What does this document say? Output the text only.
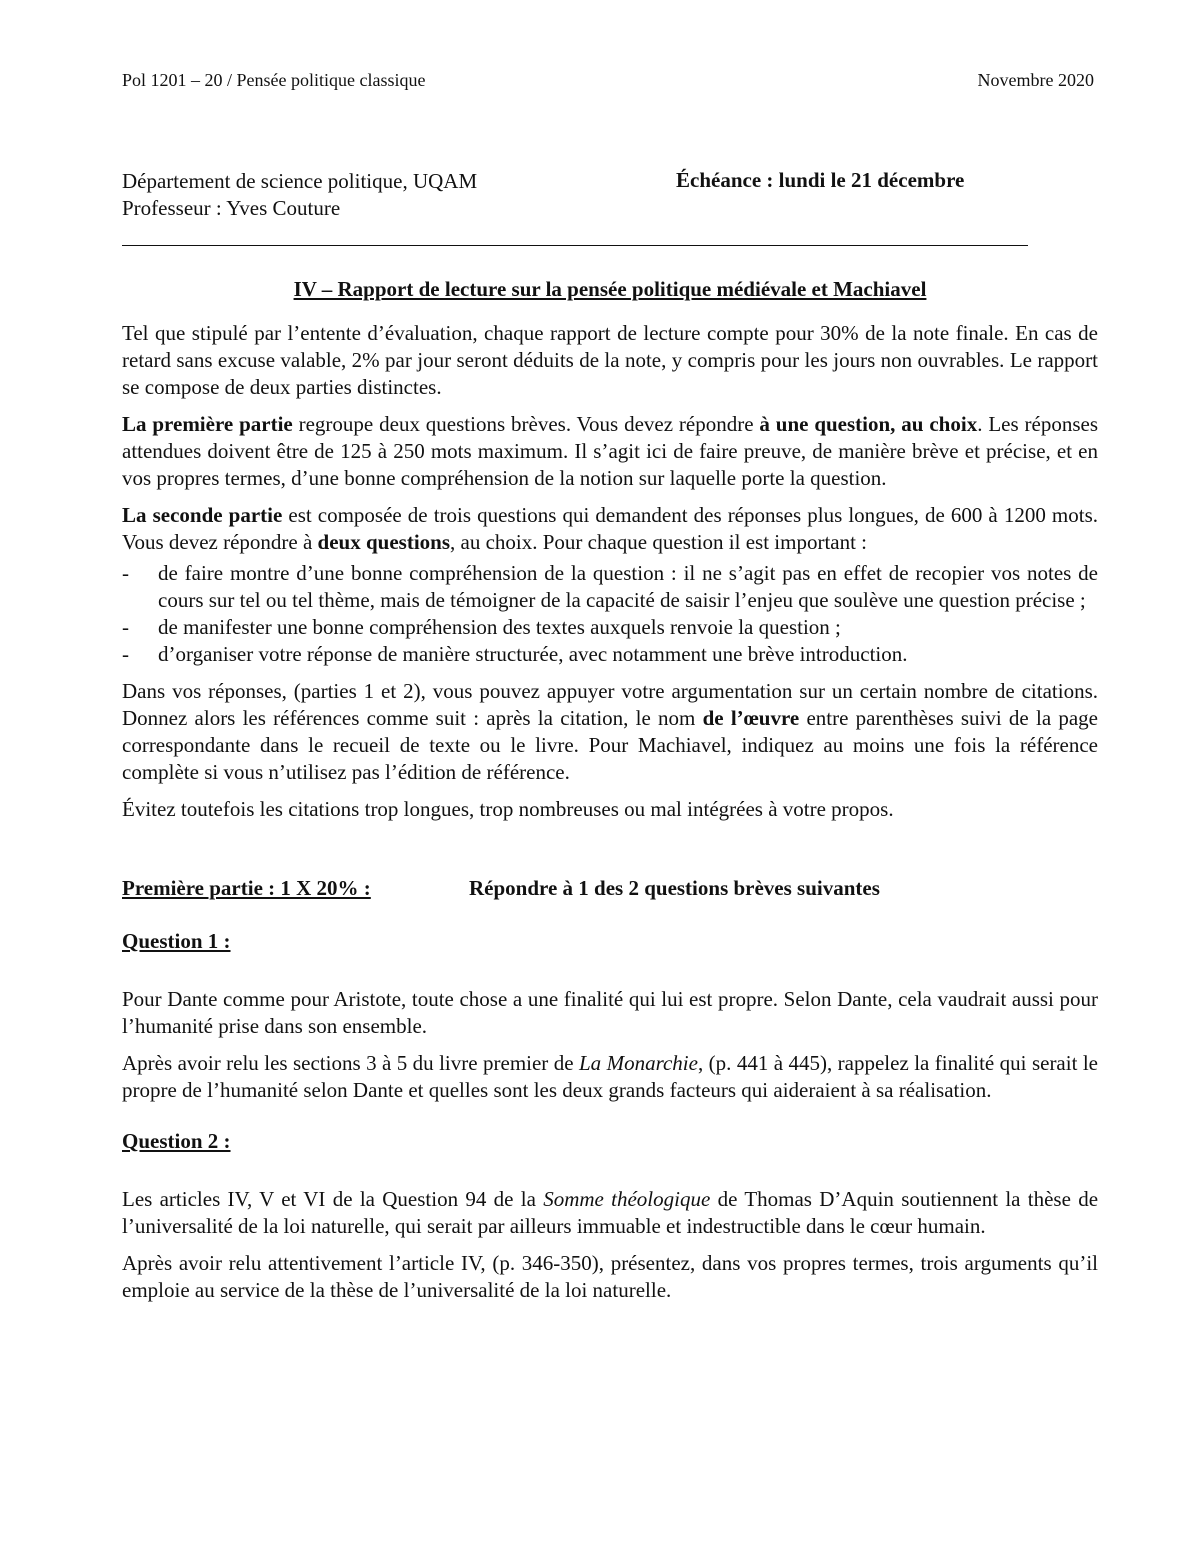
Pol 1201 – 20 / Pensée politique classique	Novembre 2020
Département de science politique, UQAM
Professeur : Yves Couture
Échéance : lundi le 21 décembre
IV – Rapport de lecture sur la pensée politique médiévale et Machiavel

Tel que stipulé par l’entente d’évaluation, chaque rapport de lecture compte pour 30% de la note finale. En cas de retard sans excuse valable, 2% par jour seront déduits de la note, y compris pour les jours non ouvrables. Le rapport se compose de deux parties distinctes.

La première partie regroupe deux questions brèves. Vous devez répondre à une question, au choix. Les réponses attendues doivent être de 125 à 250 mots maximum. Il s’agit ici de faire preuve, de manière brève et précise, et en vos propres termes, d’une bonne compréhension de la notion sur laquelle porte la question.

La seconde partie est composée de trois questions qui demandent des réponses plus longues, de 600 à 1200 mots. Vous devez répondre à deux questions, au choix. Pour chaque question il est important :

- de faire montre d’une bonne compréhension de la question : il ne s’agit pas en effet de recopier vos notes de cours sur tel ou tel thème, mais de témoigner de la capacité de saisir l’enjeu que soulève une question précise ;
- de manifester une bonne compréhension des textes auxquels renvoie la question ;
- d’organiser votre réponse de manière structurée, avec notamment une brève introduction.

Dans vos réponses, (parties 1 et 2), vous pouvez appuyer votre argumentation sur un certain nombre de citations. Donnez alors les références comme suit : après la citation, le nom de l’œuvre entre parenthèses suivi de la page correspondante dans le recueil de texte ou le livre. Pour Machiavel, indiquez au moins une fois la référence complète si vous n’utilisez pas l’édition de référence.

Évitez toutefois les citations trop longues, trop nombreuses ou mal intégrées à votre propos.

Première partie : 1 X 20% :	Répondre à 1 des 2 questions brèves suivantes
Question 1 :

Pour Dante comme pour Aristote, toute chose a une finalité qui lui est propre. Selon Dante, cela vaudrait aussi pour l’humanité prise dans son ensemble.

Après avoir relu les sections 3 à 5 du livre premier de La Monarchie, (p. 441 à 445), rappelez la finalité qui serait le propre de l’humanité selon Dante et quelles sont les deux grands facteurs qui aideraient à sa réalisation.

Question 2 :

Les articles IV, V et VI de la Question 94 de la Somme théologique de Thomas D’Aquin soutiennent la thèse de l’universalité de la loi naturelle, qui serait par ailleurs immuable et indestructible dans le cœur humain.

Après avoir relu attentivement l’article IV, (p. 346-350), présentez, dans vos propres termes, trois arguments qu’il emploie au service de la thèse de l’universalité de la loi naturelle.
